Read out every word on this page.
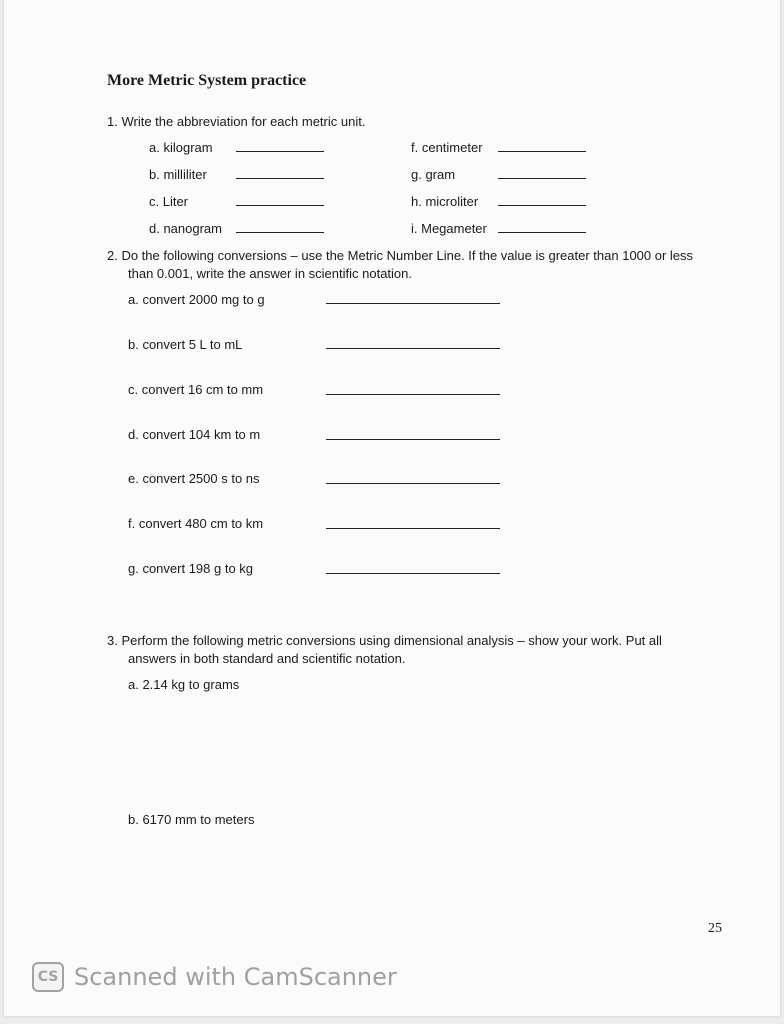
More Metric System practice
1. Write the abbreviation for each metric unit.
a. kilogram
b. milliliter
c. Liter
d. nanogram
f. centimeter
g. gram
h. microliter
i. Megameter
2. Do the following conversions – use the Metric Number Line. If the value is greater than 1000 or less
than 0.001, write the answer in scientific notation.
a. convert 2000 mg to g
b. convert 5 L to mL
c. convert 16 cm to mm
d. convert 104 km to m
e. convert 2500 s to ns
f. convert 480 cm to km
g. convert 198 g to kg
3. Perform the following metric conversions using dimensional analysis – show your work. Put all
answers in both standard and scientific notation.
a. 2.14 kg to grams
b. 6170 mm to meters
25
CS Scanned with CamScanner
